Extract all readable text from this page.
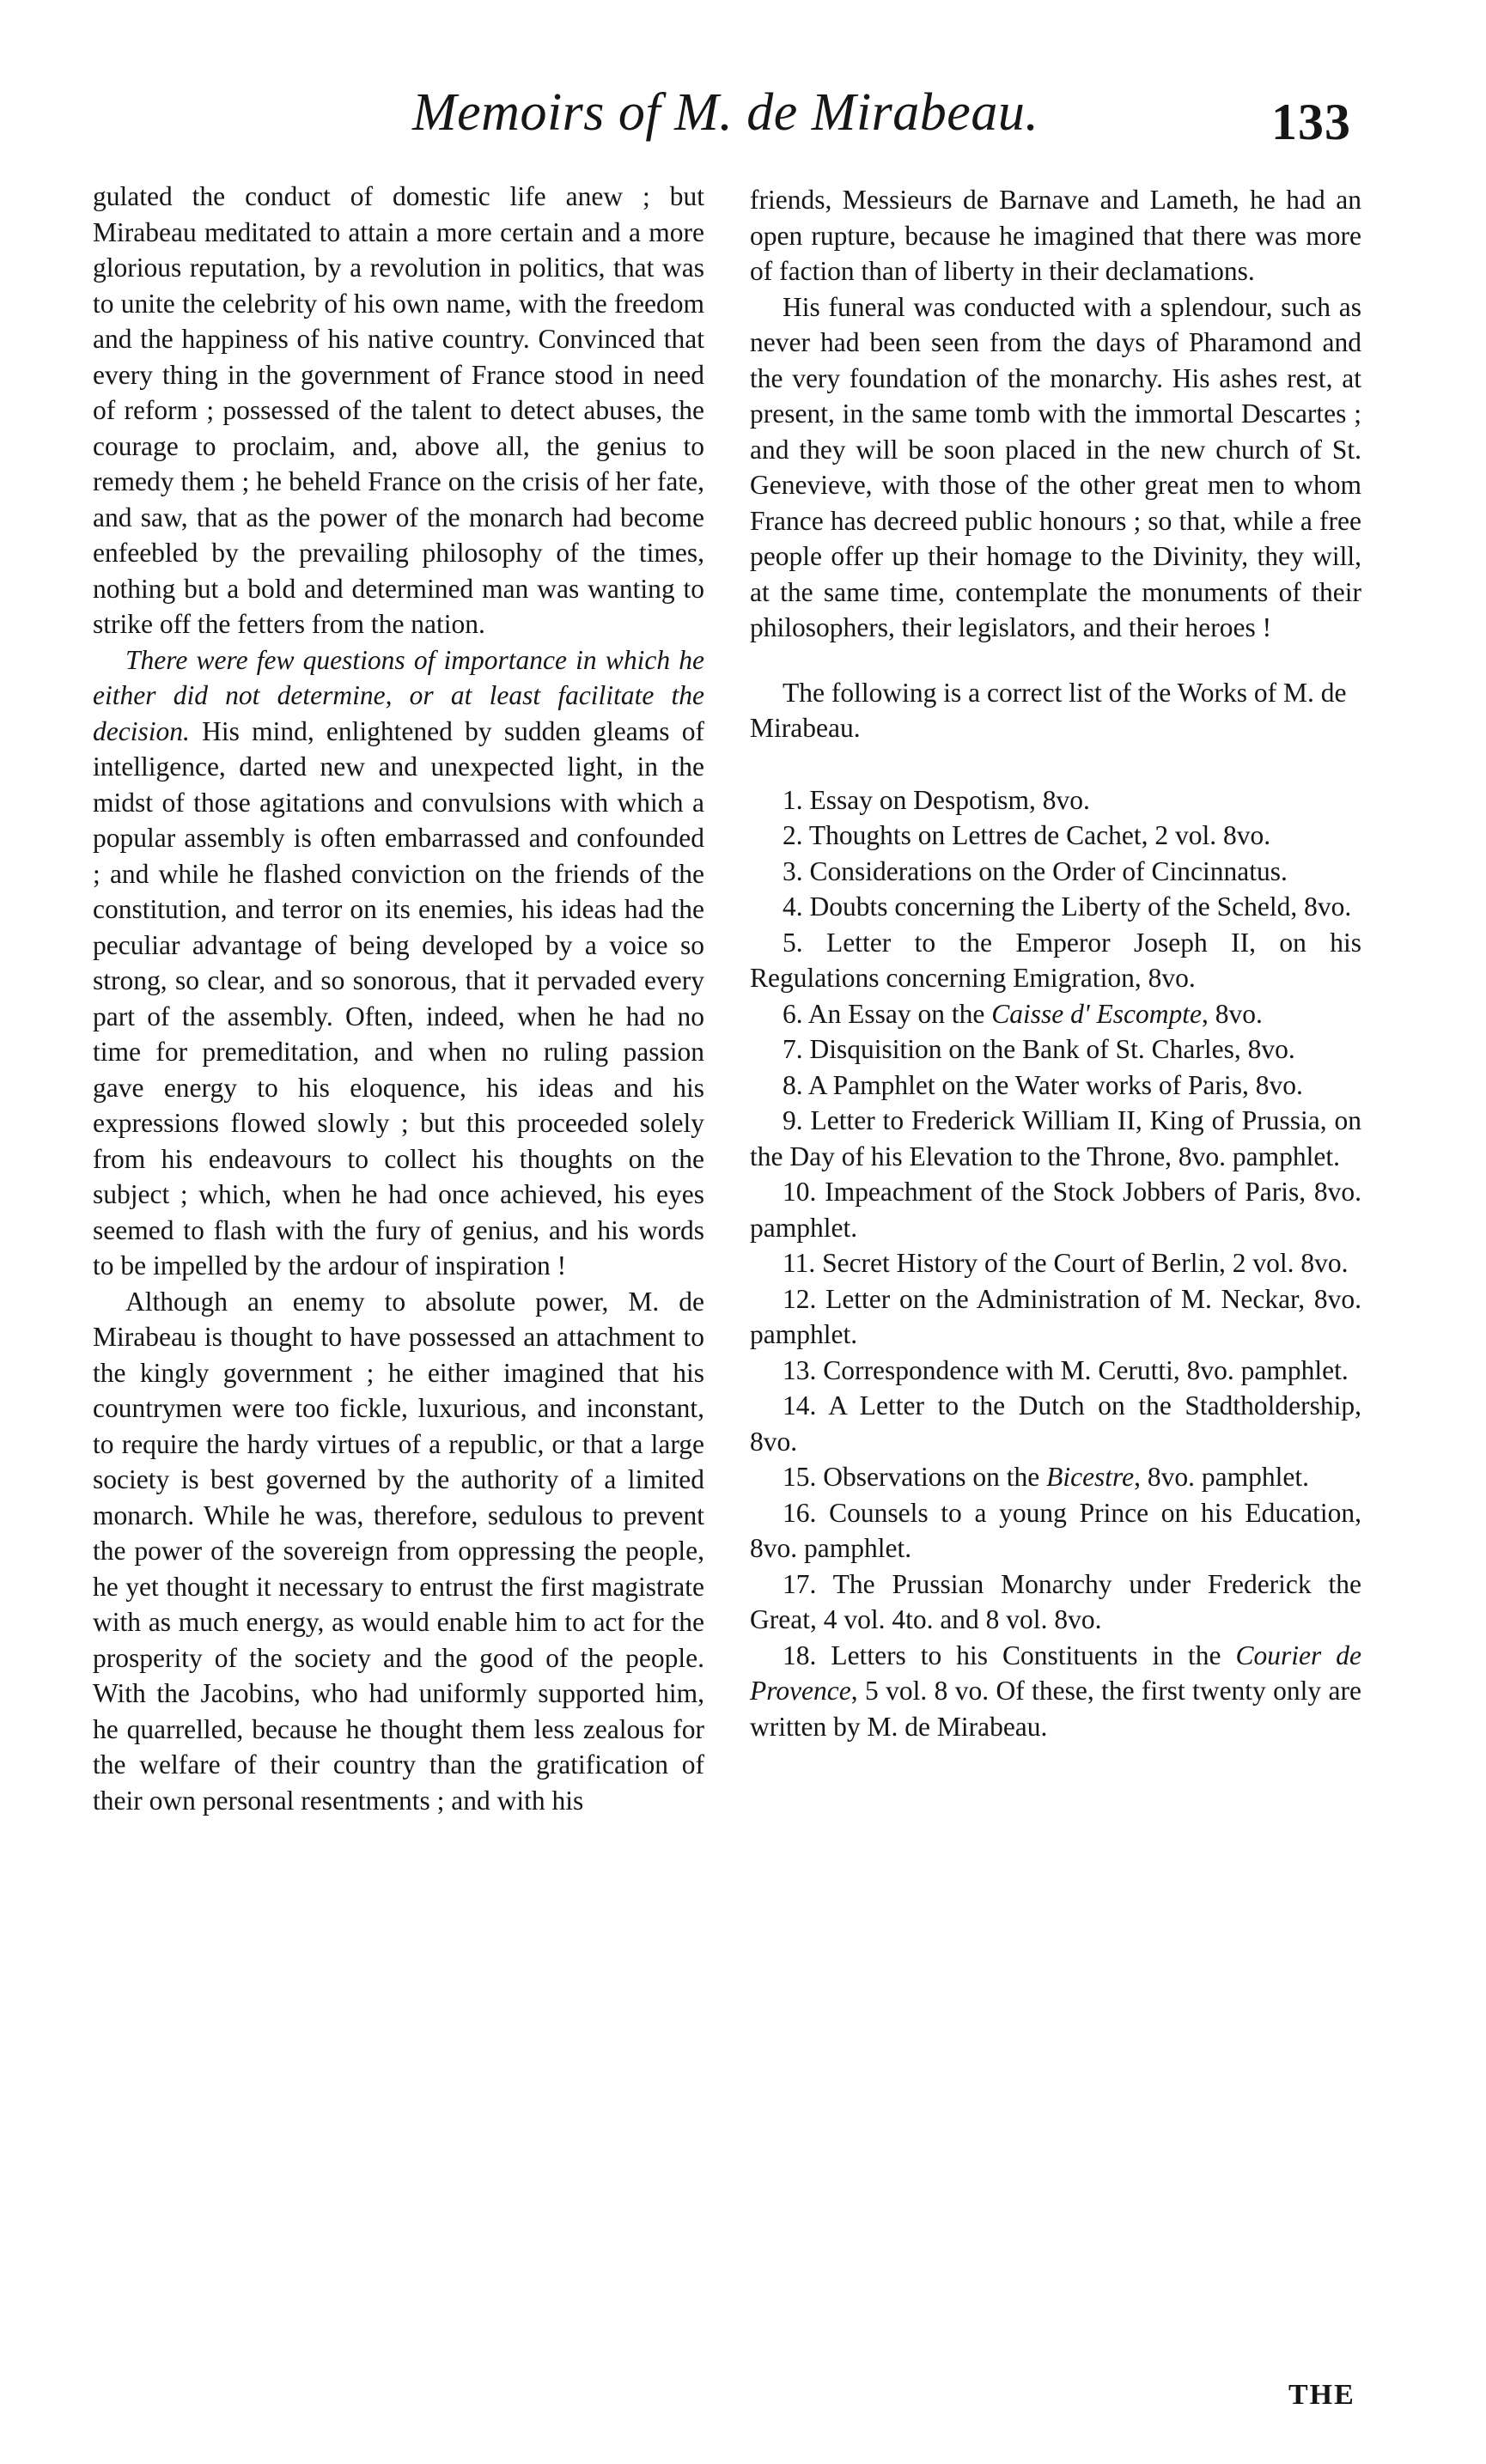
Memoirs of M. de Mirabeau.	133

gulated the conduct of domestic life anew ; but Mirabeau meditated to attain a more certain and a more glorious reputation, by a revolution in politics, that was to unite the celebrity of his own name, with the freedom and the happiness of his native country. Convinced that every thing in the government of France stood in need of reform ; possessed of the talent to detect abuses, the courage to proclaim, and, above all, the genius to remedy them ; he beheld France on the crisis of her fate, and saw, that as the power of the monarch had become enfeebled by the prevailing philosophy of the times, nothing but a bold and determined man was wanting to strike off the fetters from the nation.

There were few questions of importance in which he either did not determine, or at least facilitate the decision. His mind, enlightened by sudden gleams of intelligence, darted new and unexpected light, in the midst of those agitations and convulsions with which a popular assembly is often embarrassed and confounded ; and while he flashed conviction on the friends of the constitution, and terror on its enemies, his ideas had the peculiar advantage of being developed by a voice so strong, so clear, and so sonorous, that it pervaded every part of the assembly. Often, indeed, when he had no time for premeditation, and when no ruling passion gave energy to his eloquence, his ideas and his expressions flowed slowly ; but this proceeded solely from his endeavours to collect his thoughts on the subject ; which, when he had once achieved, his eyes seemed to flash with the fury of genius, and his words to be impelled by the ardour of inspiration !

Although an enemy to absolute power, M. de Mirabeau is thought to have possessed an attachment to the kingly government ; he either imagined that his countrymen were too fickle, luxurious, and inconstant, to require the hardy virtues of a republic, or that a large society is best governed by the authority of a limited monarch. While he was, therefore, sedulous to prevent the power of the sovereign from oppressing the people, he yet thought it necessary to entrust the first magistrate with as much energy, as would enable him to act for the prosperity of the society and the good of the people. With the Jacobins, who had uniformly supported him, he quarrelled, because he thought them less zealous for the welfare of their country than the gratification of their own personal resentments ; and with his

friends, Messieurs de Barnave and Lameth, he had an open rupture, because he imagined that there was more of faction than of liberty in their declamations.

His funeral was conducted with a splendour, such as never had been seen from the days of Pharamond and the very foundation of the monarchy. His ashes rest, at present, in the same tomb with the immortal Descartes ; and they will be soon placed in the new church of St. Genevieve, with those of the other great men to whom France has decreed public honours ; so that, while a free people offer up their homage to the Divinity, they will, at the same time, contemplate the monuments of their philosophers, their legislators, and their heroes !

The following is a correct list of the Works of M. de Mirabeau.

1. Essay on Despotism, 8vo.
2. Thoughts on Lettres de Cachet, 2 vol. 8vo.
3. Considerations on the Order of Cincinnatus.
4. Doubts concerning the Liberty of the Scheld, 8vo.
5. Letter to the Emperor Joseph II, on his Regulations concerning Emigration, 8vo.
6. An Essay on the Caisse d' Escompte, 8vo.
7. Disquisition on the Bank of St. Charles, 8vo.
8. A Pamphlet on the Water works of Paris, 8vo.
9. Letter to Frederick William II, King of Prussia, on the Day of his Elevation to the Throne, 8vo. pamphlet.
10. Impeachment of the Stock Jobbers of Paris, 8vo. pamphlet.
11. Secret History of the Court of Berlin, 2 vol. 8vo.
12. Letter on the Administration of M. Neckar, 8vo. pamphlet.
13. Correspondence with M. Cerutti, 8vo. pamphlet.
14. A Letter to the Dutch on the Stadtholdership, 8vo.
15. Observations on the Bicestre, 8vo. pamphlet.
16. Counsels to a young Prince on his Education, 8vo. pamphlet.
17. The Prussian Monarchy under Frederick the Great, 4 vol. 4to. and 8 vol. 8vo.
18. Letters to his Constituents in the Courier de Provence, 5 vol. 8 vo. Of these, the first twenty only are written by M. de Mirabeau.
THE
